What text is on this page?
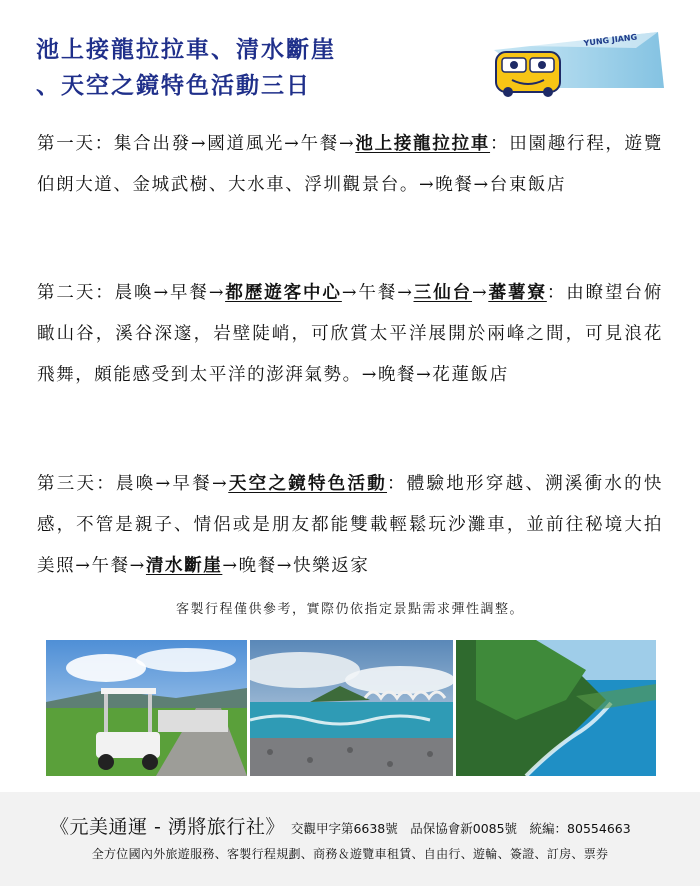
池上接龍拉拉車、清水斷崖
、天空之鏡特色活動三日
YUNG JIANG
第一天：集合出發→國道風光→午餐→池上接龍拉拉車：田園趣行程，遊覽伯朗大道、金城武樹、大水車、浮圳觀景台。→晚餐→台東飯店
第二天：晨喚→早餐→都歷遊客中心→午餐→三仙台→蕃薯寮：由瞭望台俯瞰山谷，溪谷深邃，岩壁陡峭，可欣賞太平洋展開於兩峰之間，可見浪花飛舞，頗能感受到太平洋的澎湃氣勢。→晚餐→花蓮飯店
第三天：晨喚→早餐→天空之鏡特色活動：體驗地形穿越、溯溪衝水的快感，不管是親子、情侶或是朋友都能雙載輕鬆玩沙灘車，並前往秘境大拍美照→午餐→清水斷崖→晚餐→快樂返家
客製行程僅供參考，實際仍依指定景點需求彈性調整。
《元美通運 - 湧將旅行社》 交觀甲字第6638號　品保協會新0085號　統編：80554663
全方位國內外旅遊服務、客製行程規劃、商務＆遊覽車租賃、自由行、遊輪、簽證、訂房、票券
